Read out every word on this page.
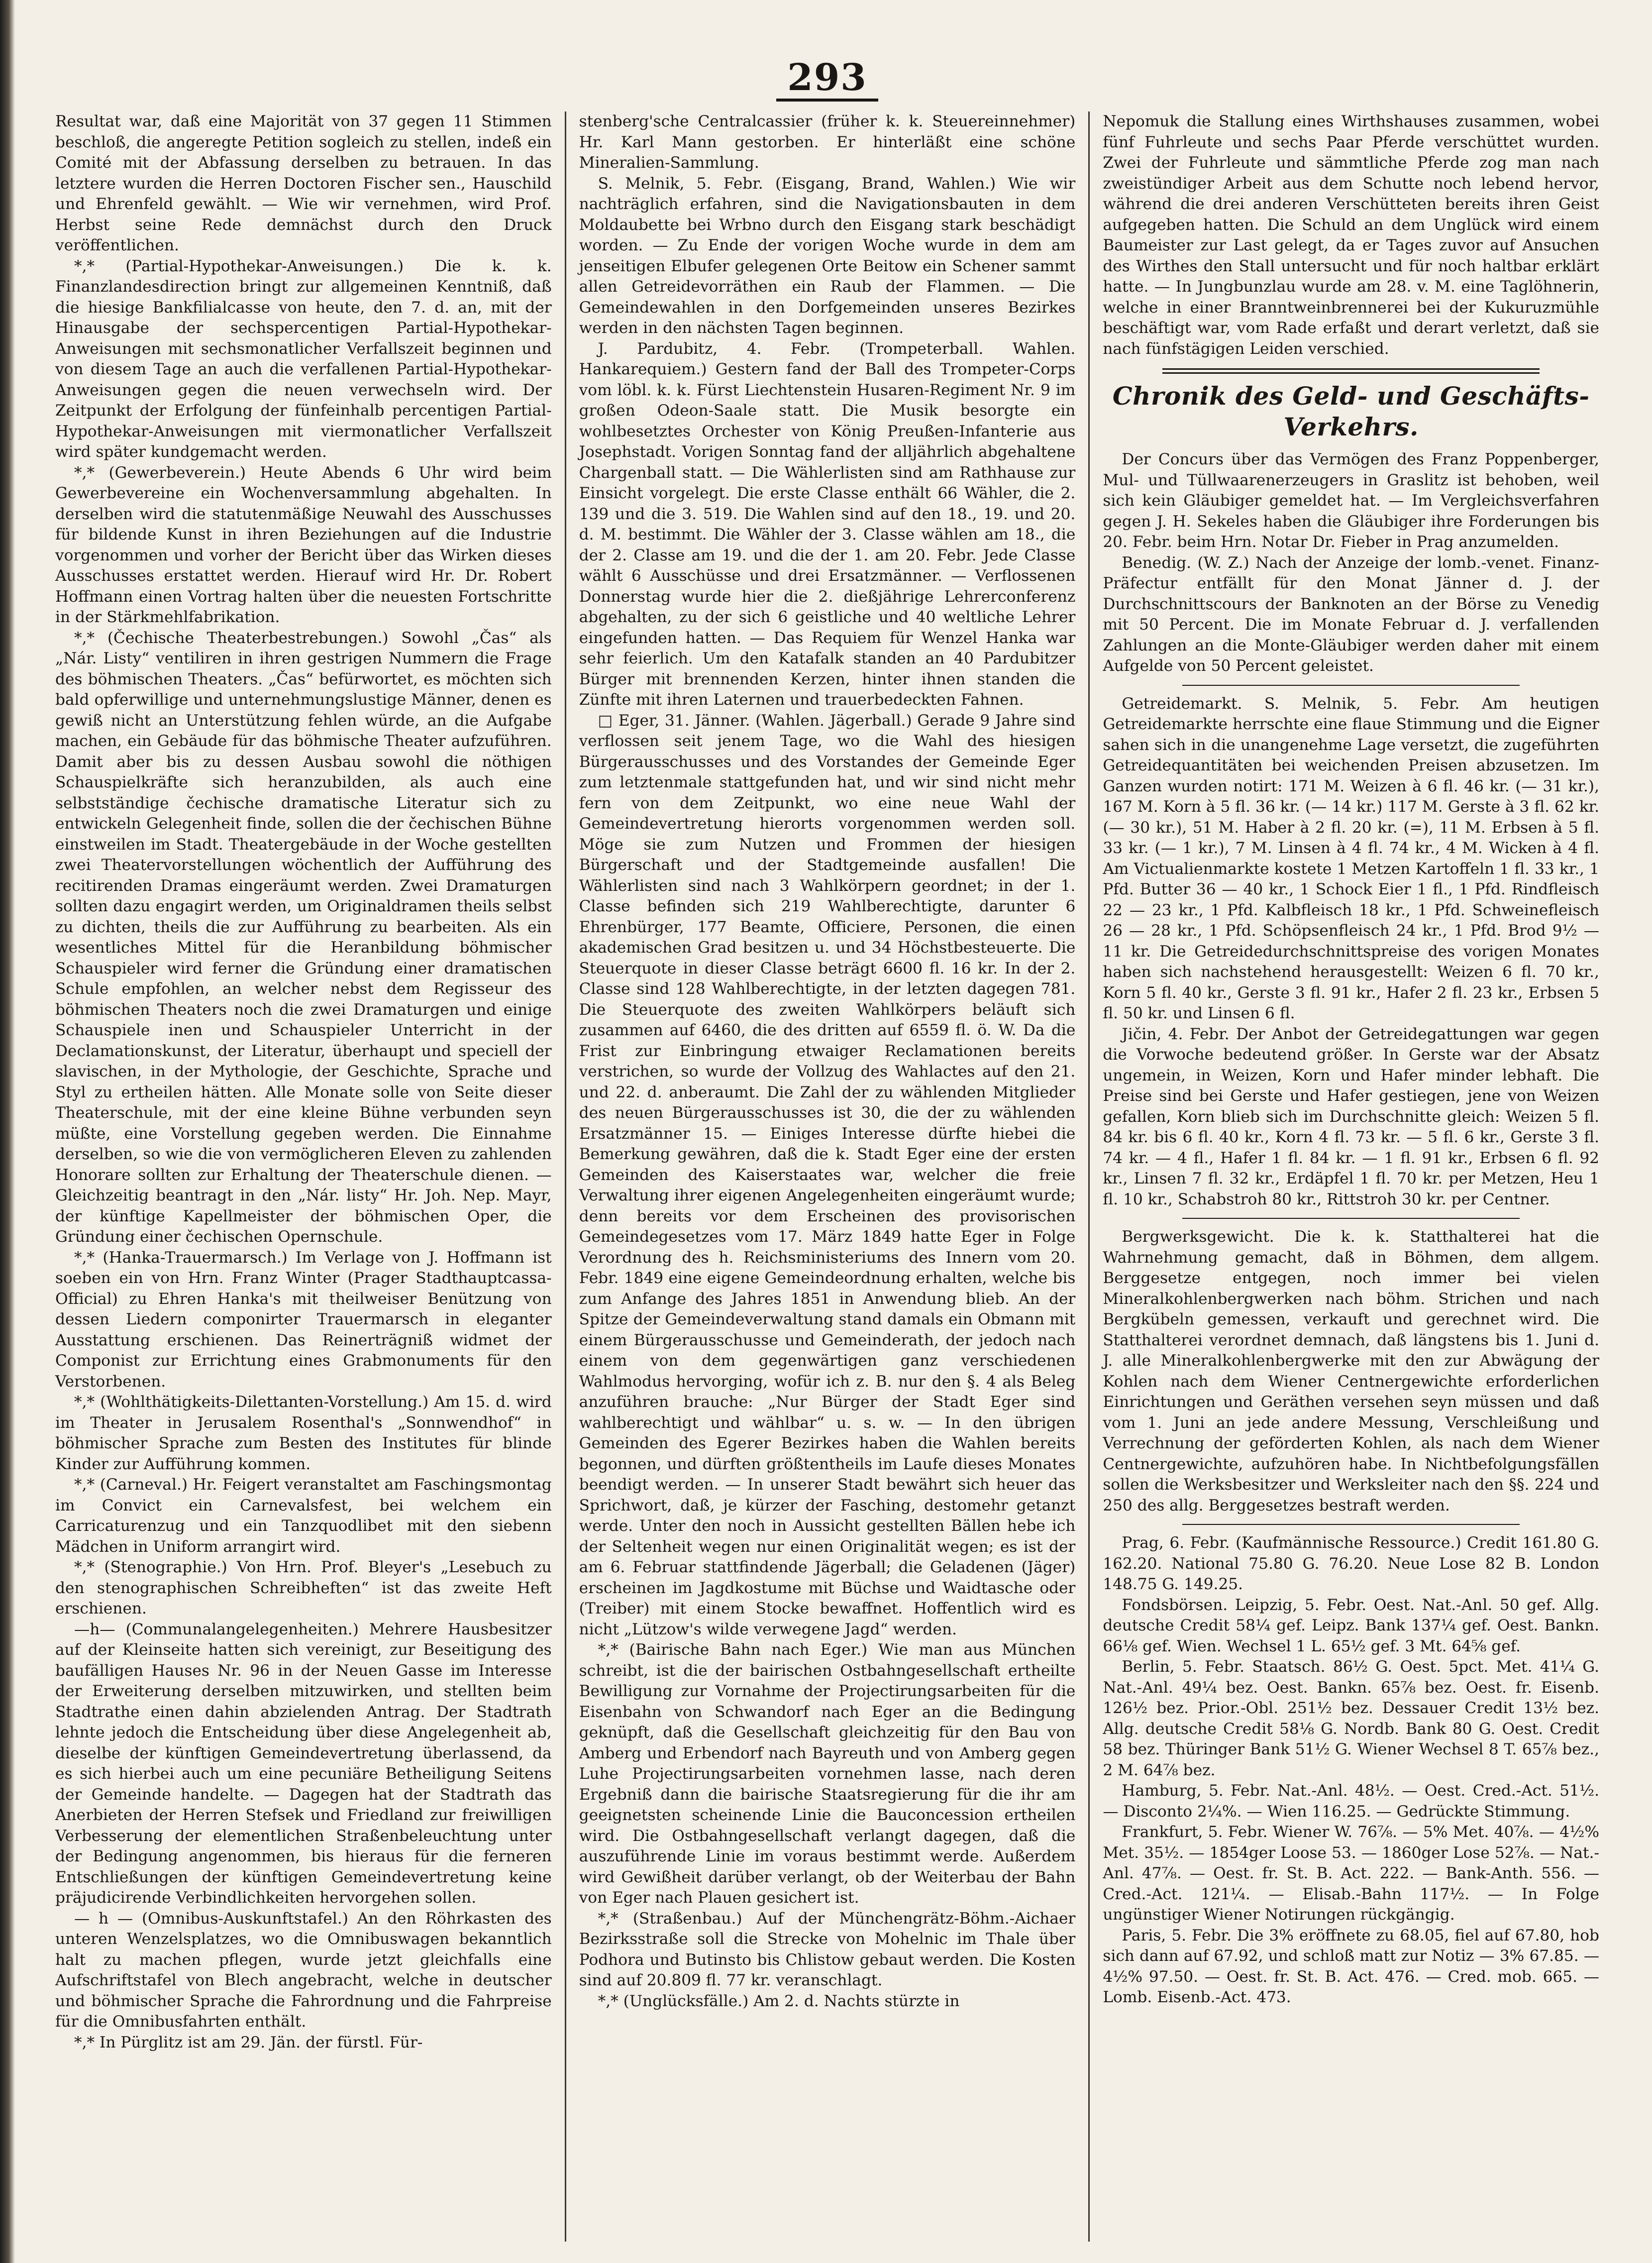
293

Resultat war, daß eine Majorität von 37 gegen 11 Stimmen beschloß, die angeregte Petition sogleich zu stellen, indeß ein Comité mit der Abfassung derselben zu betrauen. In das letztere wurden die Herren Doctoren Fischer sen., Hauschild und Ehrenfeld gewählt. — Wie wir vernehmen, wird Prof. Herbst seine Rede demnächst durch den Druck veröffentlichen.

*,* (Partial-Hypothekar-Anweisungen.) Die k. k. Finanzlandesdirection bringt zur allgemeinen Kenntniß, daß die hiesige Bankfilialcasse von heute, den 7. d. an, mit der Hinausgabe der sechspercentigen Partial-Hypothekar-Anweisungen mit sechsmonatlicher Verfallszeit beginnen und von diesem Tage an auch die verfallenen Partial-Hypothekar-Anweisungen gegen die neuen verwechseln wird. Der Zeitpunkt der Erfolgung der fünfeinhalb percentigen Partial-Hypothekar-Anweisungen mit viermonatlicher Verfallszeit wird später kundgemacht werden.

*,* (Gewerbeverein.) Heute Abends 6 Uhr wird beim Gewerbevereine ein Wochenversammlung abgehalten. In derselben wird die statutenmäßige Neuwahl des Ausschusses für bildende Kunst in ihren Beziehungen auf die Industrie vorgenommen und vorher der Bericht über das Wirken dieses Ausschusses erstattet werden. Hierauf wird Hr. Dr. Robert Hoffmann einen Vortrag halten über die neuesten Fortschritte in der Stärkmehlfabrikation.

*,* (Čechische Theaterbestrebungen.) Sowohl „Čas“ als „Nár. Listy“ ventiliren in ihren gestrigen Nummern die Frage des böhmischen Theaters. „Čas“ befürwortet, es möchten sich bald opferwillige und unternehmungslustige Männer, denen es gewiß nicht an Unterstützung fehlen würde, an die Aufgabe machen, ein Gebäude für das böhmische Theater aufzuführen. Damit aber bis zu dessen Ausbau sowohl die nöthigen Schauspielkräfte sich heranzubilden, als auch eine selbstständige čechische dramatische Literatur sich zu entwickeln Gelegenheit finde, sollen die der čechischen Bühne einstweilen im Stadt. Theatergebäude in der Woche gestellten zwei Theatervorstellungen wöchentlich der Aufführung des recitirenden Dramas eingeräumt werden. Zwei Dramaturgen sollten dazu engagirt werden, um Originaldramen theils selbst zu dichten, theils die zur Aufführung zu bearbeiten. Als ein wesentliches Mittel für die Heranbildung böhmischer Schauspieler wird ferner die Gründung einer dramatischen Schule empfohlen, an welcher nebst dem Regisseur des böhmischen Theaters noch die zwei Dramaturgen und einige Schauspiele inen und Schauspieler Unterricht in der Declamationskunst, der Literatur, überhaupt und speciell der slavischen, in der Mythologie, der Geschichte, Sprache und Styl zu ertheilen hätten. Alle Monate solle von Seite dieser Theaterschule, mit der eine kleine Bühne verbunden seyn müßte, eine Vorstellung gegeben werden. Die Einnahme derselben, so wie die von vermöglicheren Eleven zu zahlenden Honorare sollten zur Erhaltung der Theaterschule dienen. — Gleichzeitig beantragt in den „Nár. listy“ Hr. Joh. Nep. Mayr, der künftige Kapellmeister der böhmischen Oper, die Gründung einer čechischen Opernschule.

*,* (Hanka-Trauermarsch.) Im Verlage von J. Hoffmann ist soeben ein von Hrn. Franz Winter (Prager Stadthauptcassa-Official) zu Ehren Hanka's mit theilweiser Benützung von dessen Liedern componirter Trauermarsch in eleganter Ausstattung erschienen. Das Reinerträgniß widmet der Componist zur Errichtung eines Grabmonuments für den Verstorbenen.

*,* (Wohlthätigkeits-Dilettanten-Vorstellung.) Am 15. d. wird im Theater in Jerusalem Rosenthal's „Sonnwendhof“ in böhmischer Sprache zum Besten des Institutes für blinde Kinder zur Aufführung kommen.

*,* (Carneval.) Hr. Feigert veranstaltet am Faschingsmontag im Convict ein Carnevalsfest, bei welchem ein Carricaturenzug und ein Tanzquodlibet mit den siebenn Mädchen in Uniform arrangirt wird.

*,* (Stenographie.) Von Hrn. Prof. Bleyer's „Lesebuch zu den stenographischen Schreibheften“ ist das zweite Heft erschienen.

—h— (Communalangelegenheiten.) Mehrere Hausbesitzer auf der Kleinseite hatten sich vereinigt, zur Beseitigung des baufälligen Hauses Nr. 96 in der Neuen Gasse im Interesse der Erweiterung derselben mitzuwirken, und stellten beim Stadtrathe einen dahin abzielenden Antrag. Der Stadtrath lehnte jedoch die Entscheidung über diese Angelegenheit ab, dieselbe der künftigen Gemeindevertretung überlassend, da es sich hierbei auch um eine pecuniäre Betheiligung Seitens der Gemeinde handelte. — Dagegen hat der Stadtrath das Anerbieten der Herren Stefsek und Friedland zur freiwilligen Verbesserung der elementlichen Straßenbeleuchtung unter der Bedingung angenommen, bis hieraus für die ferneren Entschließungen der künftigen Gemeindevertretung keine präjudicirende Verbindlichkeiten hervorgehen sollen.

— h — (Omnibus-Auskunftstafel.) An den Röhrkasten des unteren Wenzelsplatzes, wo die Omnibuswagen bekanntlich halt zu machen pflegen, wurde jetzt gleichfalls eine Aufschriftstafel von Blech angebracht, welche in deutscher und böhmischer Sprache die Fahrordnung und die Fahrpreise für die Omnibusfahrten enthält.

*,* In Pürglitz ist am 29. Jän. der fürstl. Für-

stenberg'sche Centralcassier (früher k. k. Steuereinnehmer) Hr. Karl Mann gestorben. Er hinterläßt eine schöne Mineralien-Sammlung.

S. Melnik, 5. Febr. (Eisgang, Brand, Wahlen.) Wie wir nachträglich erfahren, sind die Navigationsbauten in dem Moldaubette bei Wrbno durch den Eisgang stark beschädigt worden. — Zu Ende der vorigen Woche wurde in dem am jenseitigen Elbufer gelegenen Orte Beitow ein Schener sammt allen Getreidevorräthen ein Raub der Flammen. — Die Gemeindewahlen in den Dorfgemeinden unseres Bezirkes werden in den nächsten Tagen beginnen.

J. Pardubitz, 4. Febr. (Trompeterball. Wahlen. Hankarequiem.) Gestern fand der Ball des Trompeter-Corps vom löbl. k. k. Fürst Liechtenstein Husaren-Regiment Nr. 9 im großen Odeon-Saale statt. Die Musik besorgte ein wohlbesetztes Orchester von König Preußen-Infanterie aus Josephstadt. Vorigen Sonntag fand der alljährlich abgehaltene Chargenball statt. — Die Wählerlisten sind am Rathhause zur Einsicht vorgelegt. Die erste Classe enthält 66 Wähler, die 2. 139 und die 3. 519. Die Wahlen sind auf den 18., 19. und 20. d. M. bestimmt. Die Wähler der 3. Classe wählen am 18., die der 2. Classe am 19. und die der 1. am 20. Febr. Jede Classe wählt 6 Ausschüsse und drei Ersatzmänner. — Verflossenen Donnerstag wurde hier die 2. dießjährige Lehrerconferenz abgehalten, zu der sich 6 geistliche und 40 weltliche Lehrer eingefunden hatten. — Das Requiem für Wenzel Hanka war sehr feierlich. Um den Katafalk standen an 40 Pardubitzer Bürger mit brennenden Kerzen, hinter ihnen standen die Zünfte mit ihren Laternen und trauerbedeckten Fahnen.

□ Eger, 31. Jänner. (Wahlen. Jägerball.) Gerade 9 Jahre sind verflossen seit jenem Tage, wo die Wahl des hiesigen Bürgerausschusses und des Vorstandes der Gemeinde Eger zum letztenmale stattgefunden hat, und wir sind nicht mehr fern von dem Zeitpunkt, wo eine neue Wahl der Gemeindevertretung hierorts vorgenommen werden soll. Möge sie zum Nutzen und Frommen der hiesigen Bürgerschaft und der Stadtgemeinde ausfallen! Die Wählerlisten sind nach 3 Wahlkörpern geordnet; in der 1. Classe befinden sich 219 Wahlberechtigte, darunter 6 Ehrenbürger, 177 Beamte, Officiere, Personen, die einen akademischen Grad besitzen u. und 34 Höchstbesteuerte. Die Steuerquote in dieser Classe beträgt 6600 fl. 16 kr. In der 2. Classe sind 128 Wahlberechtigte, in der letzten dagegen 781. Die Steuerquote des zweiten Wahlkörpers beläuft sich zusammen auf 6460, die des dritten auf 6559 fl. ö. W. Da die Frist zur Einbringung etwaiger Reclamationen bereits verstrichen, so wurde der Vollzug des Wahlactes auf den 21. und 22. d. anberaumt. Die Zahl der zu wählenden Mitglieder des neuen Bürgerausschusses ist 30, die der zu wählenden Ersatzmänner 15. — Einiges Interesse dürfte hiebei die Bemerkung gewähren, daß die k. Stadt Eger eine der ersten Gemeinden des Kaiserstaates war, welcher die freie Verwaltung ihrer eigenen Angelegenheiten eingeräumt wurde; denn bereits vor dem Erscheinen des provisorischen Gemeindegesetzes vom 17. März 1849 hatte Eger in Folge Verordnung des h. Reichsministeriums des Innern vom 20. Febr. 1849 eine eigene Gemeindeordnung erhalten, welche bis zum Anfange des Jahres 1851 in Anwendung blieb. An der Spitze der Gemeindeverwaltung stand damals ein Obmann mit einem Bürgerausschusse und Gemeinderath, der jedoch nach einem von dem gegenwärtigen ganz verschiedenen Wahlmodus hervorging, wofür ich z. B. nur den §. 4 als Beleg anzuführen brauche: „Nur Bürger der Stadt Eger sind wahlberechtigt und wählbar“ u. s. w. — In den übrigen Gemeinden des Egerer Bezirkes haben die Wahlen bereits begonnen, und dürften größtentheils im Laufe dieses Monates beendigt werden. — In unserer Stadt bewährt sich heuer das Sprichwort, daß, je kürzer der Fasching, destomehr getanzt werde. Unter den noch in Aussicht gestellten Bällen hebe ich der Seltenheit wegen nur einen Originalität wegen; es ist der am 6. Februar stattfindende Jägerball; die Geladenen (Jäger) erscheinen im Jagdkostume mit Büchse und Waidtasche oder (Treiber) mit einem Stocke bewaffnet. Hoffentlich wird es nicht „Lützow's wilde verwegene Jagd“ werden.

*,* (Bairische Bahn nach Eger.) Wie man aus München schreibt, ist die der bairischen Ostbahngesellschaft ertheilte Bewilligung zur Vornahme der Projectirungsarbeiten für die Eisenbahn von Schwandorf nach Eger an die Bedingung geknüpft, daß die Gesellschaft gleichzeitig für den Bau von Amberg und Erbendorf nach Bayreuth und von Amberg gegen Luhe Projectirungsarbeiten vornehmen lasse, nach deren Ergebniß dann die bairische Staatsregierung für die ihr am geeignetsten scheinende Linie die Bauconcession ertheilen wird. Die Ostbahngesellschaft verlangt dagegen, daß die auszuführende Linie im voraus bestimmt werde. Außerdem wird Gewißheit darüber verlangt, ob der Weiterbau der Bahn von Eger nach Plauen gesichert ist.

*,* (Straßenbau.) Auf der Münchengrätz-Böhm.-Aichaer Bezirksstraße soll die Strecke von Mohelnic im Thale über Podhora und Butinsto bis Chlistow gebaut werden. Die Kosten sind auf 20.809 fl. 77 kr. veranschlagt.

*,* (Unglücksfälle.) Am 2. d. Nachts stürzte in

Nepomuk die Stallung eines Wirthshauses zusammen, wobei fünf Fuhrleute und sechs Paar Pferde verschüttet wurden. Zwei der Fuhrleute und sämmtliche Pferde zog man nach zweistündiger Arbeit aus dem Schutte noch lebend hervor, während die drei anderen Verschütteten bereits ihren Geist aufgegeben hatten. Die Schuld an dem Unglück wird einem Baumeister zur Last gelegt, da er Tages zuvor auf Ansuchen des Wirthes den Stall untersucht und für noch haltbar erklärt hatte. — In Jungbunzlau wurde am 28. v. M. eine Taglöhnerin, welche in einer Branntweinbrennerei bei der Kukuruzmühle beschäftigt war, vom Rade erfaßt und derart verletzt, daß sie nach fünfstägigen Leiden verschied.

Chronik des Geld- und Geschäfts-Verkehrs.

Der Concurs über das Vermögen des Franz Poppenberger, Mul- und Tüllwaarenerzeugers in Graslitz ist behoben, weil sich kein Gläubiger gemeldet hat. — Im Vergleichsverfahren gegen J. H. Sekeles haben die Gläubiger ihre Forderungen bis 20. Febr. beim Hrn. Notar Dr. Fieber in Prag anzumelden.

Benedig. (W. Z.) Nach der Anzeige der lomb.-venet. Finanz-Präfectur entfällt für den Monat Jänner d. J. der Durchschnittscours der Banknoten an der Börse zu Venedig mit 50 Percent. Die im Monate Februar d. J. verfallenden Zahlungen an die Monte-Gläubiger werden daher mit einem Aufgelde von 50 Percent geleistet.

Getreidemarkt. S. Melnik, 5. Febr. Am heutigen Getreidemarkte herrschte eine flaue Stimmung und die Eigner sahen sich in die unangenehme Lage versetzt, die zugeführten Getreidequantitäten bei weichenden Preisen abzusetzen. Im Ganzen wurden notirt: 171 M. Weizen à 6 fl. 46 kr. (— 31 kr.), 167 M. Korn à 5 fl. 36 kr. (— 14 kr.) 117 M. Gerste à 3 fl. 62 kr. (— 30 kr.), 51 M. Haber à 2 fl. 20 kr. (=), 11 M. Erbsen à 5 fl. 33 kr. (— 1 kr.), 7 M. Linsen à 4 fl. 74 kr., 4 M. Wicken à 4 fl. Am Victualienmarkte kostete 1 Metzen Kartoffeln 1 fl. 33 kr., 1 Pfd. Butter 36 — 40 kr., 1 Schock Eier 1 fl., 1 Pfd. Rindfleisch 22 — 23 kr., 1 Pfd. Kalbfleisch 18 kr., 1 Pfd. Schweinefleisch 26 — 28 kr., 1 Pfd. Schöpsenfleisch 24 kr., 1 Pfd. Brod 9½ — 11 kr. Die Getreidedurchschnittspreise des vorigen Monates haben sich nachstehend herausgestellt: Weizen 6 fl. 70 kr., Korn 5 fl. 40 kr., Gerste 3 fl. 91 kr., Hafer 2 fl. 23 kr., Erbsen 5 fl. 50 kr. und Linsen 6 fl.

Jičin, 4. Febr. Der Anbot der Getreidegattungen war gegen die Vorwoche bedeutend größer. In Gerste war der Absatz ungemein, in Weizen, Korn und Hafer minder lebhaft. Die Preise sind bei Gerste und Hafer gestiegen, jene von Weizen gefallen, Korn blieb sich im Durchschnitte gleich: Weizen 5 fl. 84 kr. bis 6 fl. 40 kr., Korn 4 fl. 73 kr. — 5 fl. 6 kr., Gerste 3 fl. 74 kr. — 4 fl., Hafer 1 fl. 84 kr. — 1 fl. 91 kr., Erbsen 6 fl. 92 kr., Linsen 7 fl. 32 kr., Erdäpfel 1 fl. 70 kr. per Metzen, Heu 1 fl. 10 kr., Schabstroh 80 kr., Rittstroh 30 kr. per Centner.

Bergwerksgewicht. Die k. k. Statthalterei hat die Wahrnehmung gemacht, daß in Böhmen, dem allgem. Berggesetze entgegen, noch immer bei vielen Mineralkohlenbergwerken nach böhm. Strichen und nach Bergkübeln gemessen, verkauft und gerechnet wird. Die Statthalterei verordnet demnach, daß längstens bis 1. Juni d. J. alle Mineralkohlenbergwerke mit den zur Abwägung der Kohlen nach dem Wiener Centnergewichte erforderlichen Einrichtungen und Geräthen versehen seyn müssen und daß vom 1. Juni an jede andere Messung, Verschleißung und Verrechnung der geförderten Kohlen, als nach dem Wiener Centnergewichte, aufzuhören habe. In Nichtbefolgungsfällen sollen die Werksbesitzer und Werksleiter nach den §§. 224 und 250 des allg. Berggesetzes bestraft werden.

Prag, 6. Febr. (Kaufmännische Ressource.) Credit 161.80 G. 162.20. National 75.80 G. 76.20. Neue Lose 82 B. London 148.75 G. 149.25.

Fondsbörsen. Leipzig, 5. Febr. Oest. Nat.-Anl. 50 gef. Allg. deutsche Credit 58¼ gef. Leipz. Bank 137¼ gef. Oest. Bankn. 66⅛ gef. Wien. Wechsel 1 L. 65½ gef. 3 Mt. 64⅝ gef.

Berlin, 5. Febr. Staatsch. 86½ G. Oest. 5pct. Met. 41¼ G. Nat.-Anl. 49¼ bez. Oest. Bankn. 65⅞ bez. Oest. fr. Eisenb. 126½ bez. Prior.-Obl. 251½ bez. Dessauer Credit 13½ bez. Allg. deutsche Credit 58⅛ G. Nordb. Bank 80 G. Oest. Credit 58 bez. Thüringer Bank 51½ G. Wiener Wechsel 8 T. 65⅞ bez., 2 M. 64⅞ bez.

Hamburg, 5. Febr. Nat.-Anl. 48½. — Oest. Cred.-Act. 51½. — Disconto 2¼%. — Wien 116.25. — Gedrückte Stimmung.

Frankfurt, 5. Febr. Wiener W. 76⅞. — 5% Met. 40⅞. — 4½% Met. 35½. — 1854ger Loose 53. — 1860ger Lose 52⅞. — Nat.-Anl. 47⅞. — Oest. fr. St. B. Act. 222. — Bank-Anth. 556. — Cred.-Act. 121¼. — Elisab.-Bahn 117½. — In Folge ungünstiger Wiener Notirungen rückgängig.

Paris, 5. Febr. Die 3% eröffnete zu 68.05, fiel auf 67.80, hob sich dann auf 67.92, und schloß matt zur Notiz — 3% 67.85. — 4½% 97.50. — Oest. fr. St. B. Act. 476. — Cred. mob. 665. — Lomb. Eisenb.-Act. 473.
